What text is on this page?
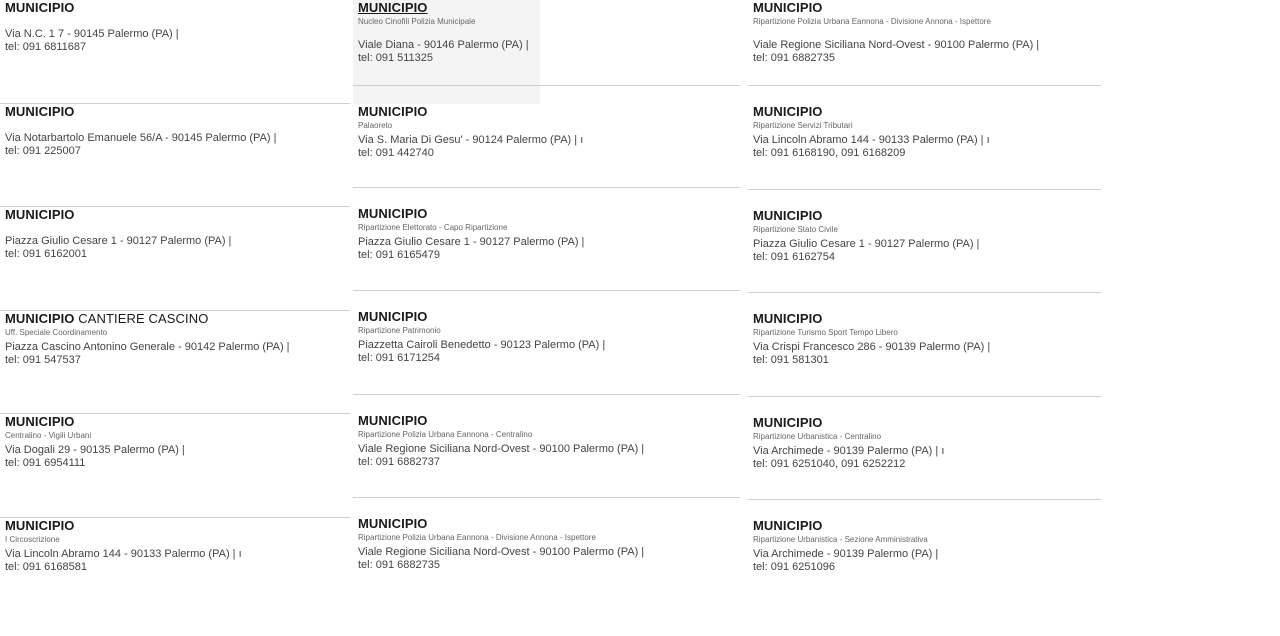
MUNICIPIO
Via N.C. 1 7 - 90145 Palermo (PA) |
tel: 091 6811687
MUNICIPIO
Via Notarbartolo Emanuele 56/A - 90145 Palermo (PA) |
tel: 091 225007
MUNICIPIO
Piazza Giulio Cesare 1 - 90127 Palermo (PA) |
tel: 091 6162001
MUNICIPIO CANTIERE CASCINO
Uff. Speciale Coordinamento
Piazza Cascino Antonino Generale - 90142 Palermo (PA) |
tel: 091 547537
MUNICIPIO
Centralino - Vigili Urbani
Via Dogali 29 - 90135 Palermo (PA) |
tel: 091 6954111
MUNICIPIO
I Circoscrizione
Via Lincoln Abramo 144 - 90133 Palermo (PA) | ı
tel: 091 6168581
MUNICIPIO
Nucleo Cinofili Polizia Municipale
Viale Diana - 90146 Palermo (PA) |
tel: 091 511325
MUNICIPIO
Palaoreto
Via S. Maria Di Gesu' - 90124 Palermo (PA) | ı
tel: 091 442740
MUNICIPIO
Ripartizione Elettorato - Capo Ripartizione
Piazza Giulio Cesare 1 - 90127 Palermo (PA) |
tel: 091 6165479
MUNICIPIO
Ripartizione Patrimonio
Piazzetta Cairoli Benedetto - 90123 Palermo (PA) |
tel: 091 6171254
MUNICIPIO
Ripartizione Polizia Urbana Eannona - Centralino
Viale Regione Siciliana Nord-Ovest - 90100 Palermo (PA) |
tel: 091 6882737
MUNICIPIO
Ripartizione Polizia Urbana Eannona - Divisione Annona - Ispettore
Viale Regione Siciliana Nord-Ovest - 90100 Palermo (PA) |
tel: 091 6882735
MUNICIPIO
Ripartizione Polizia Urbana Eannona - Divisione Annona - Ispettore
Viale Regione Siciliana Nord-Ovest - 90100 Palermo (PA) |
tel: 091 6882735
MUNICIPIO
Ripartizione Servizi Tributari
Via Lincoln Abramo 144 - 90133 Palermo (PA) | ı
tel: 091 6168190, 091 6168209
MUNICIPIO
Ripartizione Stato Civile
Piazza Giulio Cesare 1 - 90127 Palermo (PA) |
tel: 091 6162754
MUNICIPIO
Ripartizione Turismo Sport Tempo Libero
Via Crispi Francesco 286 - 90139 Palermo (PA) |
tel: 091 581301
MUNICIPIO
Ripartizione Urbanistica - Centralino
Via Archimede - 90139 Palermo (PA) | ı
tel: 091 6251040, 091 6252212
MUNICIPIO
Ripartizione Urbanistica - Sezione Amministrativa
Via Archimede - 90139 Palermo (PA) |
tel: 091 6251096
